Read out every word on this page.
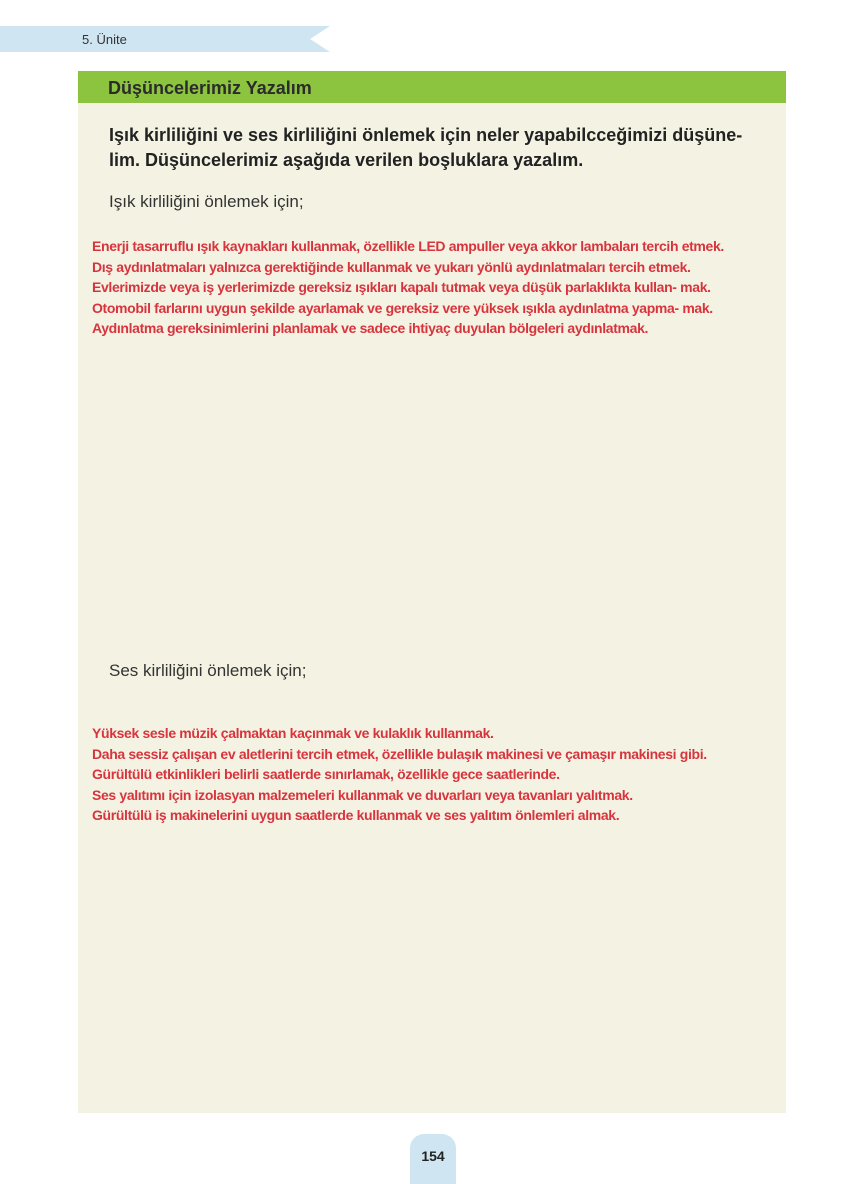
5. Ünite
Düşüncelerimiz Yazalım

Işık kirliliğini ve ses kirliliğini önlemek için neler yapabilcceğimizi düşüne-
lim. Düşüncelerimiz aşağıda verilen boşluklara yazalım.

Işık kirliliğini önlemek için;
Enerji tasarruflu ışık kaynakları kullanmak, özellikle LED ampuller veya akkor lambaları tercih etmek.
Dış aydınlatmaları yalnızca gerektiğinde kullanmak ve yukarı yönlü aydınlatmaları tercih etmek.
Evlerimizde veya iş yerlerimizde gereksiz ışıkları kapalı tutmak veya düşük parlaklıkta kullan- mak.
Otomobil farlarını uygun şekilde ayarlamak ve gereksiz vere yüksek ışıkla aydınlatma yapma- mak.
Aydınlatma gereksinimlerini planlamak ve sadece ihtiyaç duyulan bölgeleri aydınlatmak.
Ses kirliliğini önlemek için;
Yüksek sesle müzik çalmaktan kaçınmak ve kulaklık kullanmak.
Daha sessiz çalışan ev aletlerini tercih etmek, özellikle bulaşık makinesi ve çamaşır makinesi gibi.
Gürültülü etkinlikleri belirli saatlerde sınırlamak, özellikle gece saatlerinde.
Ses yalıtımı için izolasyan malzemeleri kullanmak ve duvarları veya tavanları yalıtmak.
Gürültülü iş makinelerini uygun saatlerde kullanmak ve ses yalıtım önlemleri almak.
154
